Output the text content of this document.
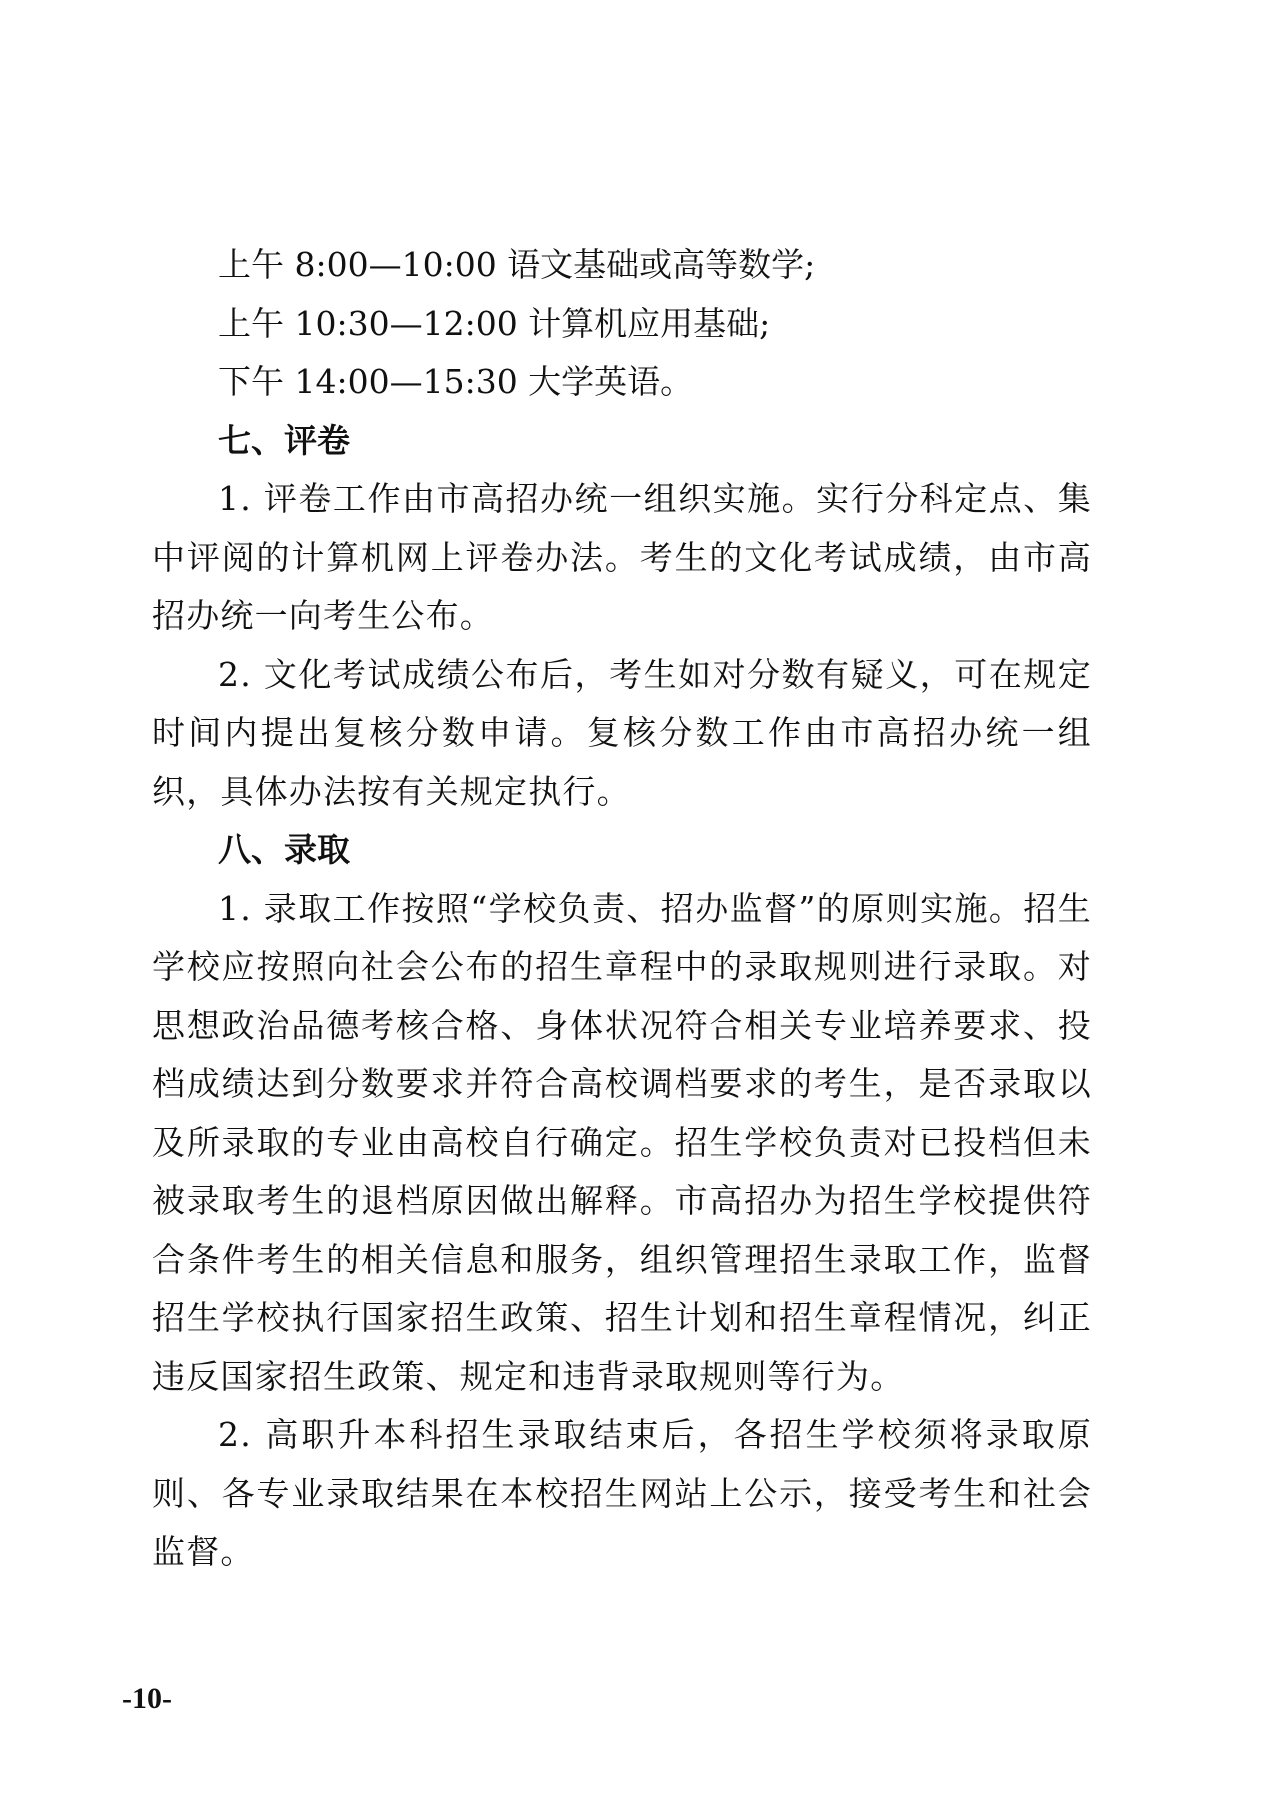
上午 8:00—10:00 语文基础或高等数学;

上午 10:30—12:00 计算机应用基础;

下午 14:00—15:30 大学英语。

七、评卷

1. 评卷工作由市高招办统一组织实施。实行分科定点、集中评阅的计算机网上评卷办法。考生的文化考试成绩，由市高招办统一向考生公布。

2. 文化考试成绩公布后，考生如对分数有疑义，可在规定时间内提出复核分数申请。复核分数工作由市高招办统一组织，具体办法按有关规定执行。

八、录取

1. 录取工作按照“学校负责、招办监督”的原则实施。招生学校应按照向社会公布的招生章程中的录取规则进行录取。对思想政治品德考核合格、身体状况符合相关专业培养要求、投档成绩达到分数要求并符合高校调档要求的考生，是否录取以及所录取的专业由高校自行确定。招生学校负责对已投档但未被录取考生的退档原因做出解释。市高招办为招生学校提供符合条件考生的相关信息和服务，组织管理招生录取工作，监督招生学校执行国家招生政策、招生计划和招生章程情况，纠正违反国家招生政策、规定和违背录取规则等行为。

2. 高职升本科招生录取结束后，各招生学校须将录取原则、各专业录取结果在本校招生网站上公示，接受考生和社会监督。

-10-
